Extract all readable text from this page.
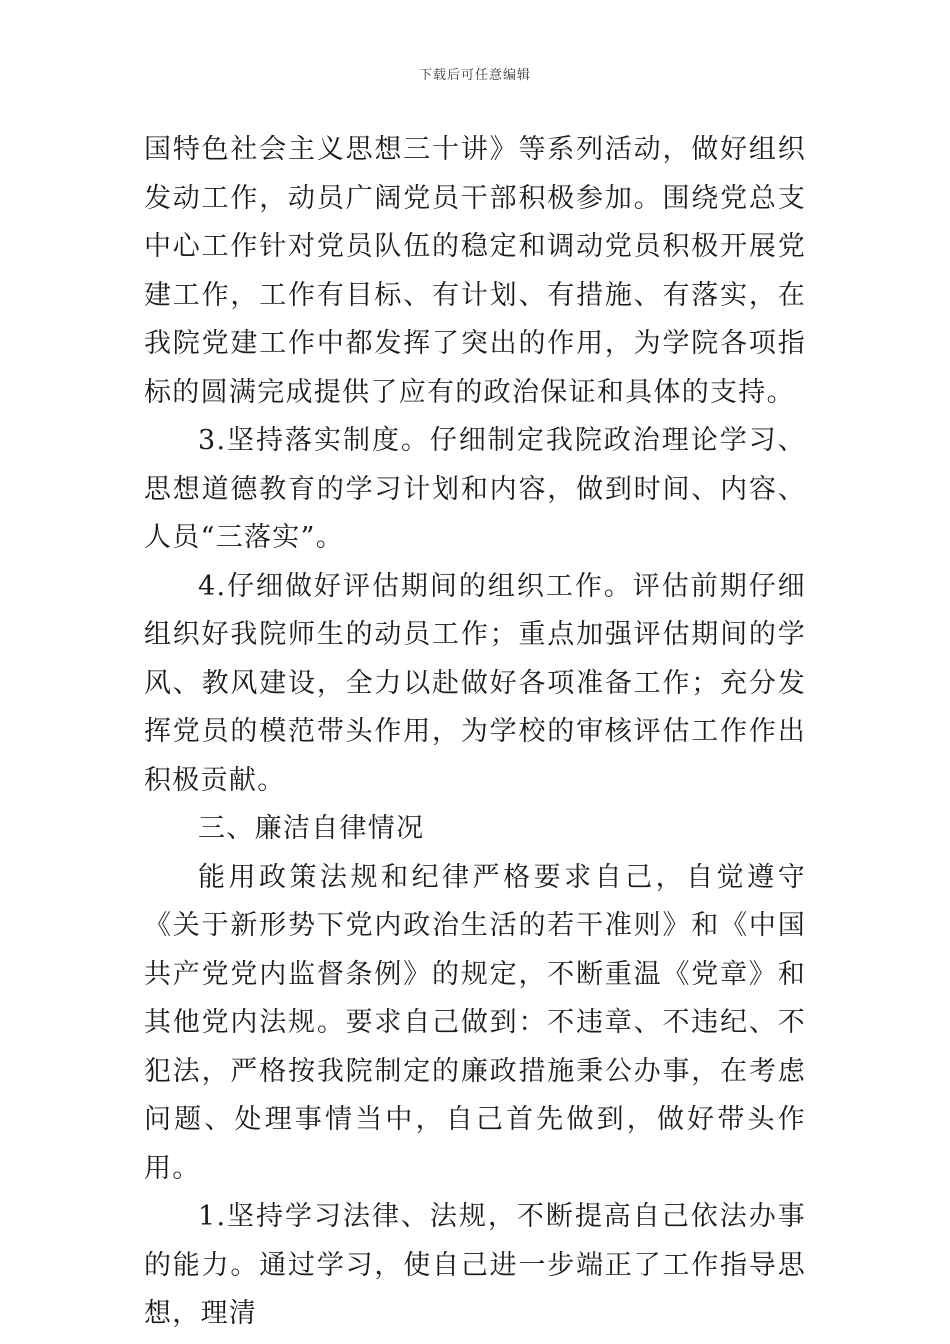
下载后可任意编辑

国特色社会主义思想三十讲》等系列活动，做好组织发动工作，动员广阔党员干部积极参加。围绕党总支中心工作针对党员队伍的稳定和调动党员积极开展党建工作，工作有目标、有计划、有措施、有落实，在我院党建工作中都发挥了突出的作用，为学院各项指标的圆满完成提供了应有的政治保证和具体的支持。

3.坚持落实制度。仔细制定我院政治理论学习、思想道德教育的学习计划和内容，做到时间、内容、人员“三落实”。

4.仔细做好评估期间的组织工作。评估前期仔细组织好我院师生的动员工作；重点加强评估期间的学风、教风建设，全力以赴做好各项准备工作；充分发挥党员的模范带头作用，为学校的审核评估工作作出积极贡献。

三、廉洁自律情况

能用政策法规和纪律严格要求自己，自觉遵守《关于新形势下党内政治生活的若干准则》和《中国共产党党内监督条例》的规定，不断重温《党章》和其他党内法规。要求自己做到：不违章、不违纪、不犯法，严格按我院制定的廉政措施秉公办事，在考虑问题、处理事情当中，自己首先做到，做好带头作用。

1.坚持学习法律、法规，不断提高自己依法办事的能力。通过学习，使自己进一步端正了工作指导思想，理清
